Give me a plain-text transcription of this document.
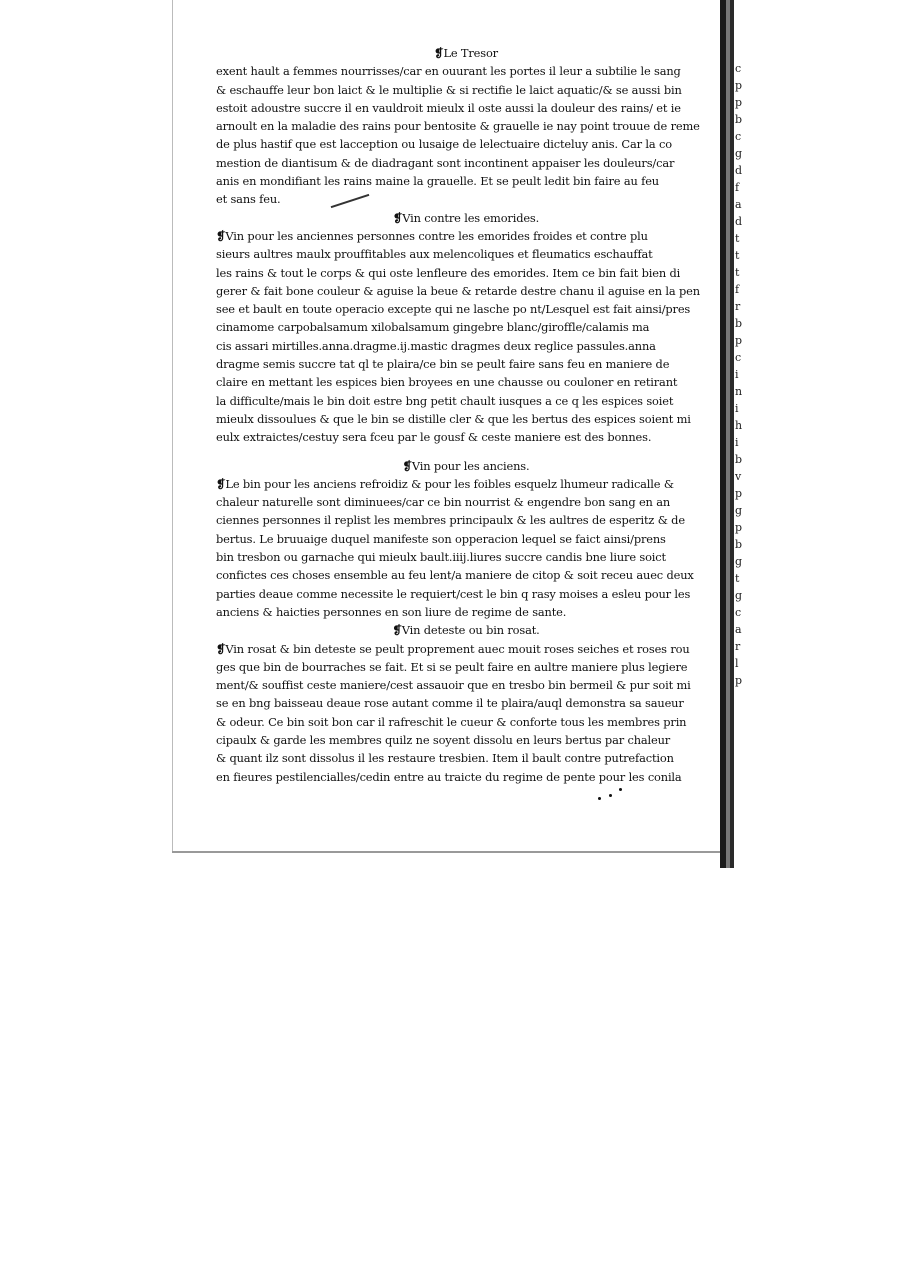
c
p
p
b
c
g
d
f
a
d
t
t
t
f
r
b
p
c
i
n
i
h
i
b
v
p
g
p
b
g
t
g
c
a
r
l
p
❡Le Tresor
exent hault a femmes nourrisses/car en ouurant les portes il leur a subtilie le sang
& eschauffe leur bon laict & le multiplie & si rectifie le laict aquatic/& se aussi bin
estoit adoustre succre il en vauldroit mieulx il oste aussi la douleur des rains/ et ie
arnoult en la maladie des rains pour bentosite & grauelle ie nay point trouue de reme
de plus hastif que est lacception ou lusaige de lelectuaire dicteluy anis. Car la co
mestion de diantisum & de diadragant sont incontinent appaiser les douleurs/car
anis en mondifiant les rains maine la grauelle. Et se peult ledit bin faire au feu
et sans feu.
❡Vin contre les emorides.
❡Vin pour les anciennes personnes contre les emorides froides et contre plu
sieurs aultres maulx prouffitables aux melencoliques et fleumatics eschauffat
les rains & tout le corps & qui oste lenfleure des emorides. Item ce bin fait bien di
gerer & fait bone couleur & aguise la beue & retarde destre chanu il aguise en la pen
see et bault en toute operacio excepte qui ne lasche po nt/Lesquel est fait ainsi/pres
cinamome carpobalsamum xilobalsamum gingebre blanc/giroffle/calamis ma
cis assari mirtilles.anna.dragme.ij.mastic dragmes deux reglice passules.anna
dragme semis succre tat ql te plaira/ce bin se peult faire sans feu en maniere de
claire en mettant les espices bien broyees en une chausse ou couloner en retirant
la difficulte/mais le bin doit estre bng petit chault iusques a ce q les espices soiet
mieulx dissoulues & que le bin se distille cler & que les bertus des espices soient mi
eulx extraictes/cestuy sera fceu par le gousf & ceste maniere est des bonnes.
❡Vin pour les anciens.
❡Le bin pour les anciens refroidiz & pour les foibles esquelz lhumeur radicalle &
chaleur naturelle sont diminuees/car ce bin nourrist & engendre bon sang en an
ciennes personnes il replist les membres principaulx & les aultres de esperitz & de
bertus. Le bruuaige duquel manifeste son opperacion lequel se faict ainsi/prens
bin tresbon ou garnache qui mieulx bault.iiij.liures succre candis bne liure soict
confictes ces choses ensemble au feu lent/a maniere de citop & soit receu auec deux
parties deaue comme necessite le requiert/cest le bin q rasy moises a esleu pour les
anciens & haicties personnes en son liure de regime de sante.
❡Vin deteste ou bin rosat.
❡Vin rosat & bin deteste se peult proprement auec mouit roses seiches et roses rou
ges que bin de bourraches se fait. Et si se peult faire en aultre maniere plus legiere
ment/& souffist ceste maniere/cest assauoir que en tresbo bin bermeil & pur soit mi
se en bng baisseau deaue rose autant comme il te plaira/auql demonstra sa saueur
& odeur. Ce bin soit bon car il rafreschit le cueur & conforte tous les membres prin
cipaulx & garde les membres quilz ne soyent dissolu en leurs bertus par chaleur
& quant ilz sont dissolus il les restaure tresbien. Item il bault contre putrefaction
en fieures pestilencialles/cedin entre au traicte du regime de pente pour les conila
